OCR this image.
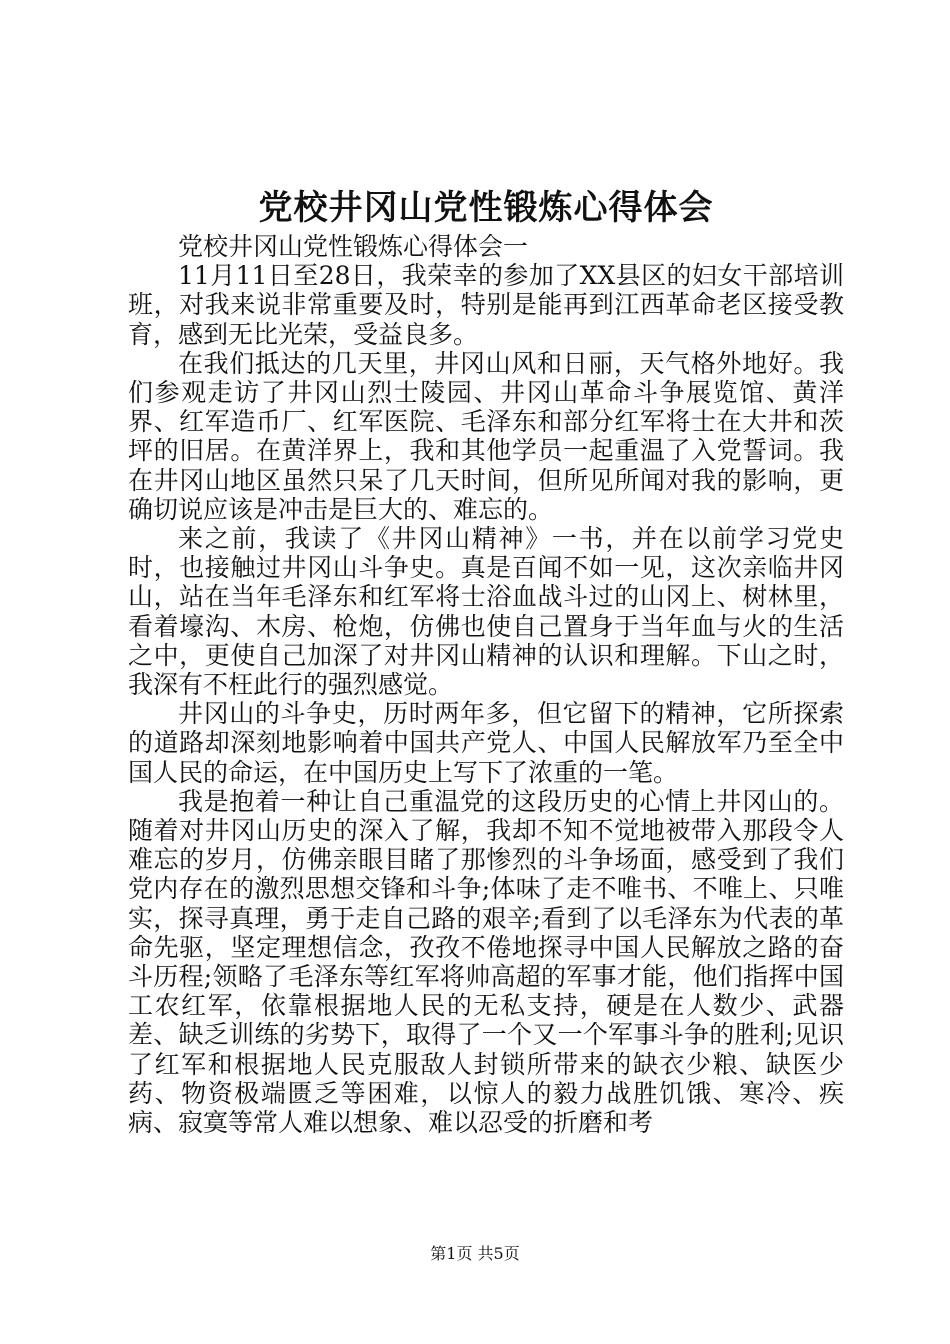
党校井冈山党性锻炼心得体会

党校井冈山党性锻炼心得体会一

11月11日至28日，我荣幸的参加了XX县区的妇女干部培训班，对我来说非常重要及时，特别是能再到江西革命老区接受教育，感到无比光荣，受益良多。

在我们抵达的几天里，井冈山风和日丽，天气格外地好。我们参观走访了井冈山烈士陵园、井冈山革命斗争展览馆、黄洋界、红军造币厂、红军医院、毛泽东和部分红军将士在大井和茨坪的旧居。在黄洋界上，我和其他学员一起重温了入党誓词。我在井冈山地区虽然只呆了几天时间，但所见所闻对我的影响，更确切说应该是冲击是巨大的、难忘的。

来之前，我读了《井冈山精神》一书，并在以前学习党史时，也接触过井冈山斗争史。真是百闻不如一见，这次亲临井冈山，站在当年毛泽东和红军将士浴血战斗过的山冈上、树林里，看着壕沟、木房、枪炮，仿佛也使自己置身于当年血与火的生活之中，更使自己加深了对井冈山精神的认识和理解。下山之时，我深有不枉此行的强烈感觉。

井冈山的斗争史，历时两年多，但它留下的精神，它所探索的道路却深刻地影响着中国共产党人、中国人民解放军乃至全中国人民的命运，在中国历史上写下了浓重的一笔。

我是抱着一种让自己重温党的这段历史的心情上井冈山的。随着对井冈山历史的深入了解，我却不知不觉地被带入那段令人难忘的岁月，仿佛亲眼目睹了那惨烈的斗争场面，感受到了我们党内存在的激烈思想交锋和斗争;体味了走不唯书、不唯上、只唯实，探寻真理，勇于走自己路的艰辛;看到了以毛泽东为代表的革命先驱，坚定理想信念，孜孜不倦地探寻中国人民解放之路的奋斗历程;领略了毛泽东等红军将帅高超的军事才能，他们指挥中国工农红军，依靠根据地人民的无私支持，硬是在人数少、武器差、缺乏训练的劣势下，取得了一个又一个军事斗争的胜利;见识了红军和根据地人民克服敌人封锁所带来的缺衣少粮、缺医少药、物资极端匮乏等困难，以惊人的毅力战胜饥饿、寒冷、疾病、寂寞等常人难以想象、难以忍受的折磨和考

第1页 共5页
